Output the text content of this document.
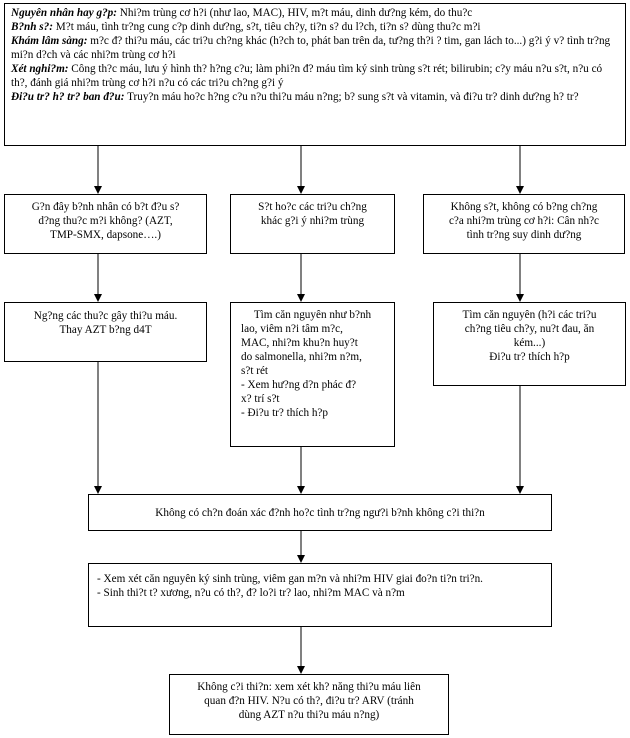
Nguyên nhân hay g?p: Nhi?m trùng cơ h?i (như lao, MAC), HIV, m?t máu, dinh dư?ng kém, do thu?c

B?nh s?: M?t máu, tình tr?ng cung c?p dinh dư?ng, s?t, tiêu ch?y, ti?n s? du l?ch, ti?n s? dùng thu?c m?i

Khám lâm sàng: m?c đ? thi?u máu, các tri?u ch?ng khác (h?ch to, phát ban trên da, tư?ng th?i ? tim, gan lách to...) g?i ý v? tình tr?ng mi?n d?ch và các nhi?m trùng cơ h?i

Xét nghi?m: Công th?c máu, lưu ý hình th? h?ng c?u; làm phi?n đ? máu tìm ký sinh trùng s?t rét; bilirubin; c?y máu n?u s?t, n?u có th?, đánh giá nhi?m trùng cơ h?i n?u có các tri?u ch?ng g?i ý

Đi?u tr? h? tr? ban đ?u: Truy?n máu ho?c h?ng c?u n?u thi?u máu n?ng; b? sung s?t và vitamin, và đi?u tr? dinh dư?ng h? tr?

G?n đây b?nh nhân có b?t đ?u s?

d?ng thu?c m?i không? (AZT,

TMP-SMX, dapsone….)

S?t ho?c các tri?u ch?ng

khác g?i ý nhi?m trùng

Không s?t, không có b?ng ch?ng

c?a nhi?m trùng cơ h?i: Cân nh?c

tình tr?ng suy dinh dư?ng

Ng?ng các thu?c gây thi?u máu.

Thay AZT b?ng d4T

Tìm căn nguyên như b?nh

lao, viêm n?i tâm m?c,

MAC, nhi?m khu?n huy?t

do salmonella, nhi?m n?m,

s?t rét

- Xem hư?ng d?n phác đ?

x? trí s?t

- Đi?u tr? thích h?p

Tìm căn nguyên (h?i các tri?u

ch?ng tiêu ch?y, nu?t đau, ăn

kém...)

Đi?u tr? thích h?p

Không có ch?n đoán xác đ?nh ho?c tình tr?ng ngư?i b?nh không c?i thi?n

- Xem xét căn nguyên ký sinh trùng, viêm gan m?n và nhi?m HIV giai đo?n ti?n tri?n.

- Sinh thi?t t? xương, n?u có th?, đ? lo?i tr? lao, nhi?m MAC và n?m

Không c?i thi?n: xem xét kh? năng thi?u máu liên

quan đ?n HIV. N?u có th?, đi?u tr? ARV (tránh

dùng AZT n?u thi?u máu n?ng)
